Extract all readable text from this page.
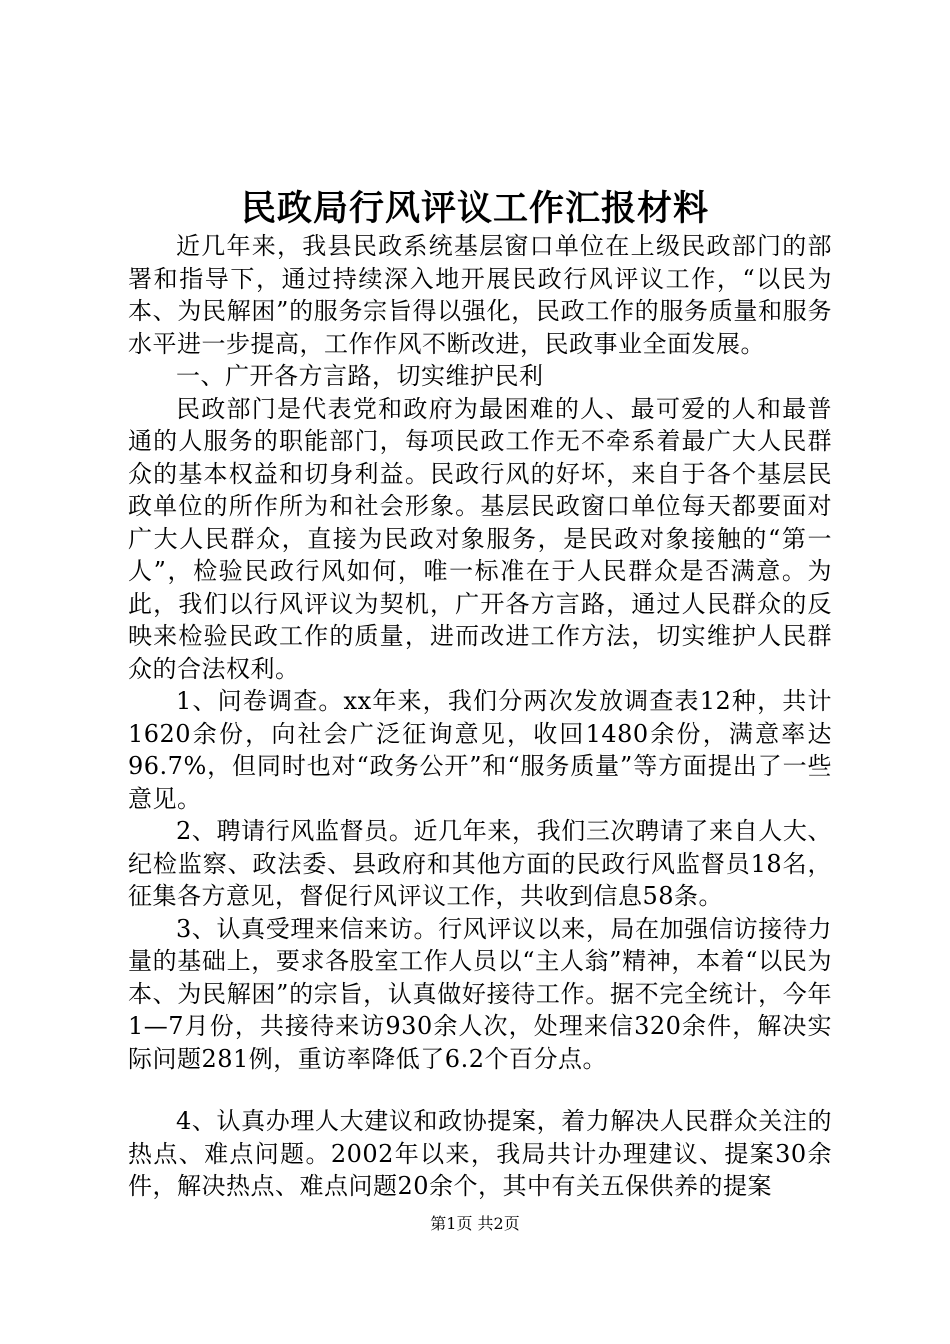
民政局行风评议工作汇报材料

近几年来，我县民政系统基层窗口单位在上级民政部门的部署和指导下，通过持续深入地开展民政行风评议工作，“以民为本、为民解困”的服务宗旨得以强化，民政工作的服务质量和服务水平进一步提高，工作作风不断改进，民政事业全面发展。

一、广开各方言路，切实维护民利

民政部门是代表党和政府为最困难的人、最可爱的人和最普通的人服务的职能部门，每项民政工作无不牵系着最广大人民群众的基本权益和切身利益。民政行风的好坏，来自于各个基层民政单位的所作所为和社会形象。基层民政窗口单位每天都要面对广大人民群众，直接为民政对象服务，是民政对象接触的“第一人”，检验民政行风如何，唯一标准在于人民群众是否满意。为此，我们以行风评议为契机，广开各方言路，通过人民群众的反映来检验民政工作的质量，进而改进工作方法，切实维护人民群众的合法权利。

1、问卷调查。xx年来，我们分两次发放调查表12种，共计1620余份，向社会广泛征询意见，收回1480余份，满意率达96.7%，但同时也对“政务公开”和“服务质量”等方面提出了一些意见。

2、聘请行风监督员。近几年来，我们三次聘请了来自人大、纪检监察、政法委、县政府和其他方面的民政行风监督员18名，征集各方意见，督促行风评议工作，共收到信息58条。

3、认真受理来信来访。行风评议以来，局在加强信访接待力量的基础上，要求各股室工作人员以“主人翁”精神，本着“以民为本、为民解困”的宗旨，认真做好接待工作。据不完全统计，今年1—7月份，共接待来访930余人次，处理来信320余件，解决实际问题281例，重访率降低了6.2个百分点。

4、认真办理人大建议和政协提案，着力解决人民群众关注的热点、难点问题。2002年以来，我局共计办理建议、提案30余件，解决热点、难点问题20余个，其中有关五保供养的提案

第1页 共2页
